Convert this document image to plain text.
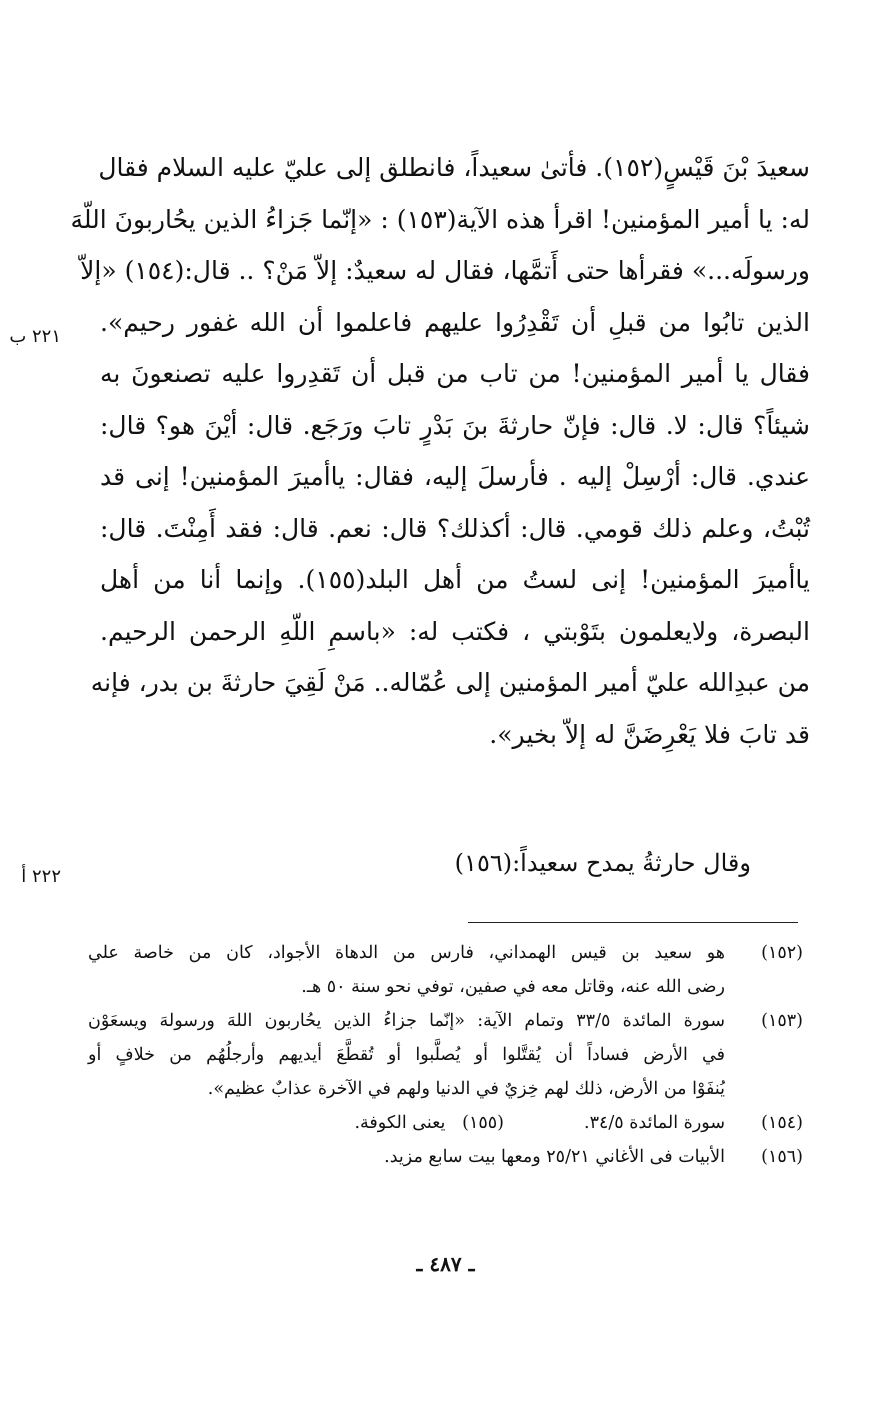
سعيدَ بْنَ قَيْسٍ(١٥٢). فأتىٰ سعيداً، فانطلق إلى عليّ عليه السلام فقال
له: يا أمير المؤمنين! اقرأ هذه الآية(١٥٣) : «إنّما جَزاءُ الذين يحُاربونَ اللّهَ
ورسولَه...» فقرأها حتى أَتمَّها، فقال له سعيدٌ: إلاّ مَنْ؟ .. قال:(١٥٤) «إلاّ
الذين تابُوا من قبلِ أن تَقْدِرُوا عليهم فاعلموا أن الله غفور رحيم».
فقال يا أمير المؤمنين! من تاب من قبل أن تَقدِروا عليه تصنعونَ به
شيئاً؟ قال: لا. قال: فإنّ حارثةَ بنَ بَدْرٍ تابَ ورَجَع. قال: أيْنَ هو؟ قال:
عندي. قال: أرْسِلْ إليه . فأرسلَ إليه، فقال: ياأميرَ المؤمنين! إنى قد
تُبْتُ، وعلم ذلك قومي. قال: أكذلك؟ قال: نعم. قال: فقد أَمِنْتَ. قال:
ياأميرَ المؤمنين! إنى لستُ من أهل البلد(١٥٥). وإنما أنا من أهل
البصرة، ولايعلمون بتَوْبتي ، فكتب له: «باسمِ اللّهِ الرحمن الرحيم.
من عبدِالله عليّ أمير المؤمنين إلى عُمّاله.. مَنْ لَقِيَ حارثةَ بن بدر، فإنه
قد تابَ فلا يَعْرِضَنَّ له إلاّ بخير».
٢٢١ ب
٢٢٢ أ	وقال حارثةُ يمدح سعيداً:(١٥٦)
(١٥٢)
هو سعيد بن قيس الهمداني، فارس من الدهاة الأجواد، كان من خاصة علي
رضى الله عنه، وقاتل معه في صفين، توفي نحو سنة ٥٠ هـ.
(١٥٣)
سورة المائدة ٣٣/٥ وتمام الآية: «إنّما جزاءُ الذين يحُاربون اللهَ ورسولهَ ويسعَوْن
في الأرض فساداً أن يُقتَّلوا أو يُصلَّبوا أو تُقطَّعَ أيديهم وأرجلُهُم من خلافٍ أو
يُنفَوْا من الأرض، ذلك لهم خِزيٌ في الدنيا ولهم في الآخرة عذابٌ عظيم».
(١٥٤)
سورة المائدة ٣٤/٥.
(١٥٥)   يعنى الكوفة.
(١٥٦)
الأبيات فى الأغاني ٢٥/٢١ ومعها بيت سابع مزيد.
ـ ٤٨٧ ـ
